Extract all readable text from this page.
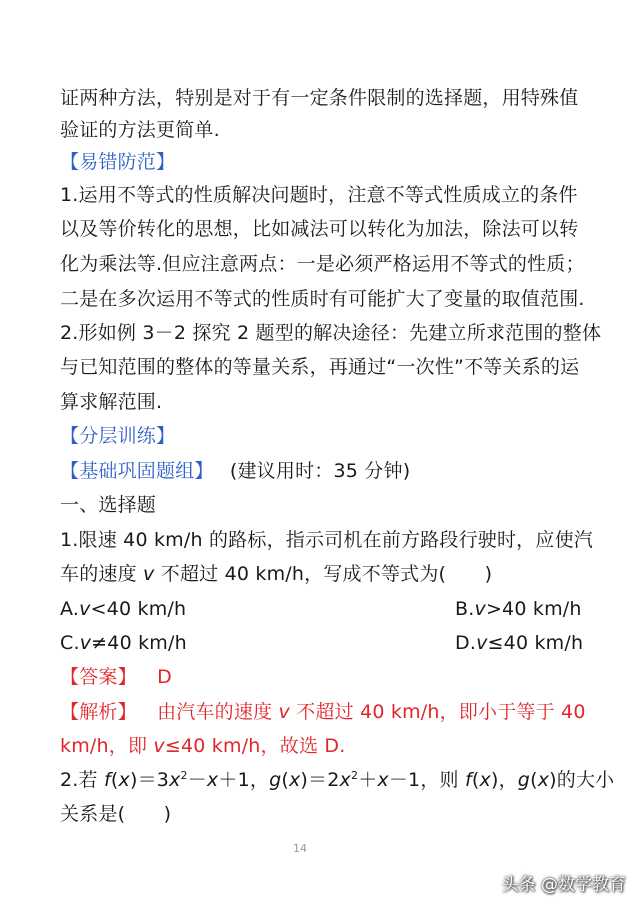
证两种方法，特别是对于有一定条件限制的选择题，用特殊值
验证的方法更简单.
【易错防范】
1.运用不等式的性质解决问题时，注意不等式性质成立的条件
以及等价转化的思想，比如减法可以转化为加法，除法可以转
化为乘法等.但应注意两点：一是必须严格运用不等式的性质；
二是在多次运用不等式的性质时有可能扩大了变量的取值范围.
2.形如例 3－2 探究 2 题型的解决途径：先建立所求范围的整体
与已知范围的整体的等量关系，再通过“一次性”不等关系的运
算求解范围.
【分层训练】
【基础巩固题组】 (建议用时：35 分钟)
一、选择题
1.限速 40 km/h 的路标，指示司机在前方路段行驶时，应使汽
车的速度 v 不超过 40 km/h，写成不等式为(　　)
A.v<40 km/h	B.v>40 km/h
C.v≠40 km/h	D.v≤40 km/h
【答案】 D
【解析】 由汽车的速度 v 不超过 40 km/h，即小于等于 40
km/h，即 v≤40 km/h，故选 D.
2.若 $f(x)=3x^2-x+1$，$g(x)=2x^2+x-1$，则 f(x)，g(x)的大小
关系是(　　)
14
头条 @数学教育
